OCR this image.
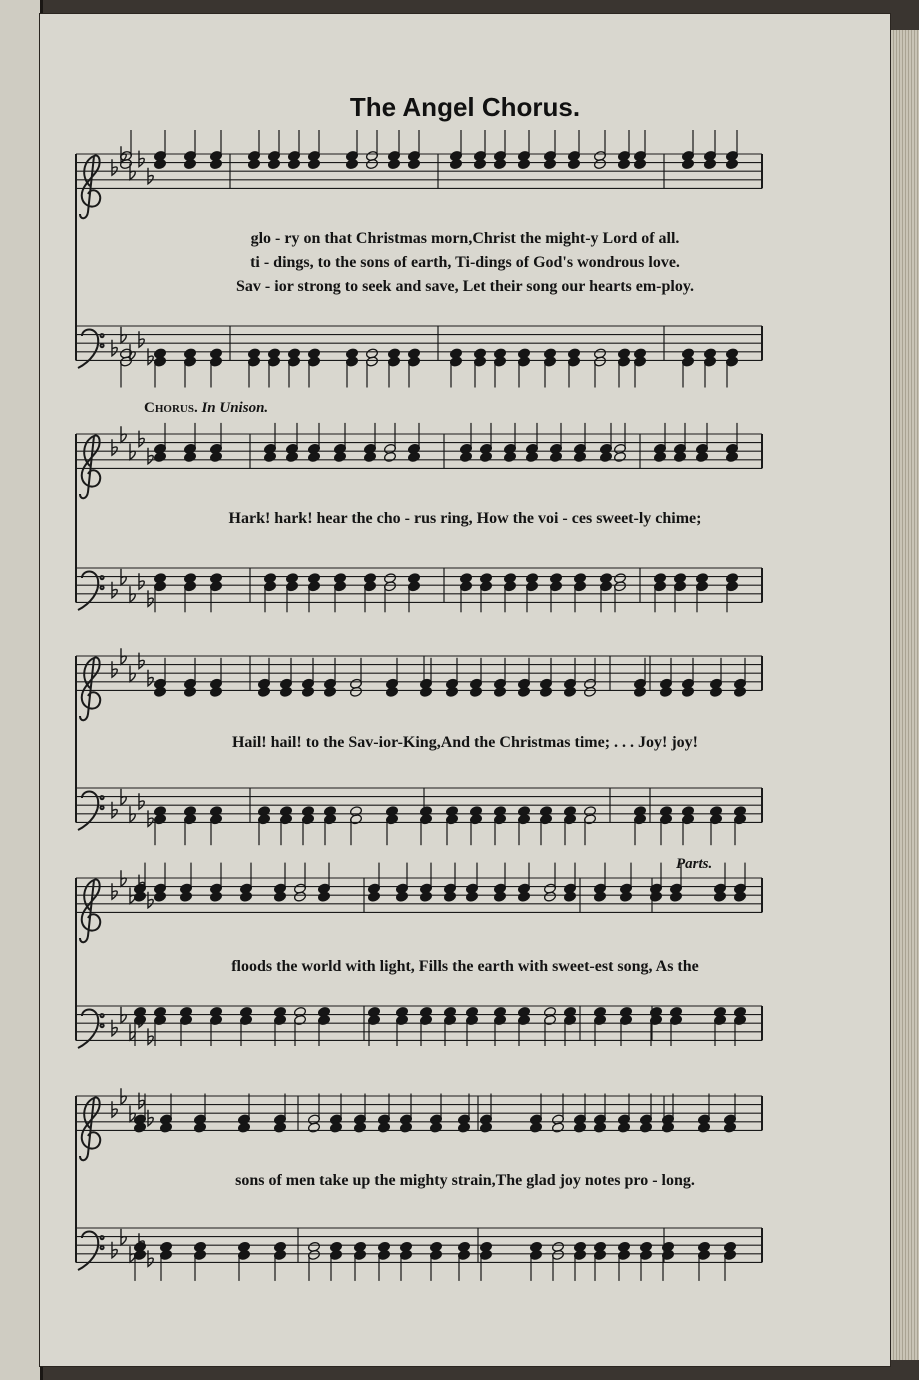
The Angel Chorus.
glo - ry on that Christmas morn,Christ the might-y Lord of all.
ti - dings, to the sons of earth, Ti-dings of God's wondrous love.
Sav - ior strong to seek and save, Let their song our hearts em-ploy.
Chorus. In Unison.
Hark! hark! hear the cho - rus ring, How the voi - ces sweet-ly chime;
Hail! hail! to the Sav-ior-King,And the Christmas time; . . . Joy! joy!
Parts.
floods the world with light, Fills the earth with sweet-est song, As the
sons of men take up the mighty strain,The glad joy notes pro - long.
